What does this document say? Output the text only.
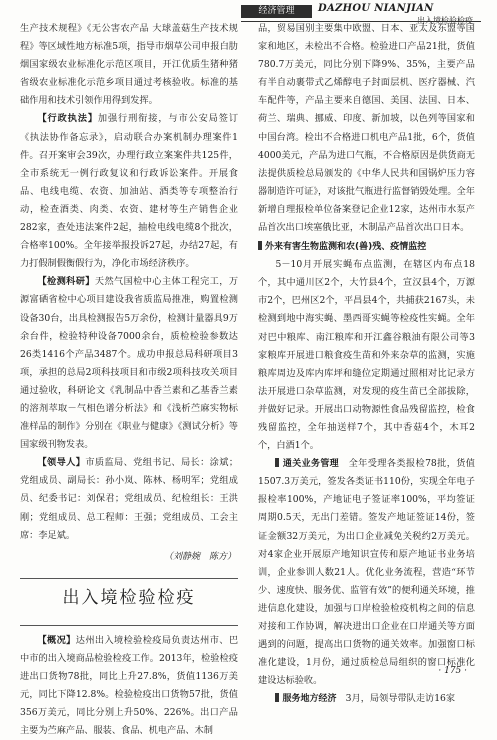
经济管理	DAZHOU NIANJIAN
出入境检验检疫

生产技术规程》《无公害农产品 大球盖菇生产技术规程》等区域性地方标准5项，指导市烟草公司申报白肋烟国家级农业标准化示范区项目，开江优质生猪种猪省级农业标准化示范乡项目通过考核验收。标准的基础作用和技术引领作用得到发挥。

【行政执法】加强行刑衔接，与市公安局签订《执法协作备忘录》，启动联合办案机制办理案件1件。召开案审会39次，办理行政立案案件共125件，全市系统无一例行政复议和行政诉讼案件。开展食品、电线电缆、农资、加油站、酒类等专项整治行动，检查酒类、肉类、农资、建材等生产销售企业282家，查处违法案件2起，抽检电线电缆8个批次，合格率100%。全年接举报投诉27起，办结27起，有力打假制假衡假行为，净化市场经济秩序。

【检测科研】天然气国检中心主体工程完工，万源富硒省检中心项目建设我省质监局推准，购置检测设备30台，出具检测报告5万余份，检测计量器具9万余台件，检验特种设备7000余台，质检检验参数达26类1416个产品3487个。成功申报总局科研项目3项，承担的总局2项科技项目和市级2项科技攻关项目通过验收，科研论文《乳制品中香兰素和乙基香兰素的溶剂萃取－气相色谱分析法》和《浅析苎麻实物标准样品的制作》分别在《职业与健康》《测试分析》等国家级刊物发表。

【领导人】市质监局、党组书记、局长：涂斌；党组成员、副局长：孙小岚、陈林、杨明军；党组成员、纪委书记：刘保君；党组成员、纪检组长：王洪刚；党组成员、总工程师：王强；党组成员、工会主席：李足斌。

（刘静婉　陈方）
出入境检验检疫

【概况】达州出入境检验检疫局负责达州市、巴中市的出入境商品检验检疫工作。2013年，检验检疫进出口货物78批，同比上升27.8%，货值1136万美元，同比下降12.8%。检验检疫出口货物57批，货值356万美元，同比分别上升50%、226%。出口产品主要为苎麻产品、服装、食品、机电产品、木制

品，贸易国别主要集中欧盟、日本、亚太及东盟等国家和地区，未检出不合格。检验进口产品21批，货值780.7万美元，同比分别下降9%、35%，主要产品有半自动裹带式乙烯醇电子封面层机、医疗器械、汽车配件等，产品主要来自德国、美国、法国、日本、荷兰、瑞典、挪威、印度、新加坡，以色列等国家和中国台湾。检出不合格进口机电产品1批，6个，货值4000美元，产品为进口气瓶，不合格原因是供货商无法提供质检总局颁发的《中华人民共和国锅炉压力容器制造许可证》，对该批气瓶进行监督销毁处理。全年新增自理报检单位备案登记企业12家，达州市水泵产品首次出口埃塞俄比亚，木制品产品首次出口日本。

外来有害生物监测和农(兽)残、疫情监控

5－10月开展实蝇布点监测，在辖区内布点18个，其中通川区2个，大竹县4个，宣汉县4个，万源市2个，巴州区2个，平昌县4个，共捕获2167头，未检测到地中海实蝇、墨西哥实蝇等检疫性实蝇。全年对巴中粮库、南江粮库和开江鑫谷粮油有限公司等3家粮库开展进口粮食疫生苗和外来杂草的监测，实施粮库周边及库内库坪和缝位定期通过照相对比记录方法开展进口杂草监测，对发现的疫生苗已全部拔除，并做好记录。开展出口动物源性食品残留监控，检食残留监控，全年抽送样7个，其中香菇4个，木耳2个，白酒1个。

通关业务管理　 全年受理各类报检78批，货值1507.3万美元，签发各类证书110份，实现全年电子报检率100%，产地证电子签证率100%，平均签证周期0.5天，无出门差错。签发产地证签证14份，签证金额32万美元，为出口企业减免关税约2万美元。对4家企业开展原产地知识宣传和原产地证书业务培训，企业参训人数21人。优化业务流程，营造“环节少、速度快、服务优、监管有效”的便利通关环境，推进信息化建设，加强与口岸检验检疫机构之间的信息对接和工作协调，解决进出口企业在口岸通关等方面遇到的问题，提高出口货物的通关效率。加强窗口标准化建设，1月份，通过质检总局组织的窗口标准化建设达标验收。

服务地方经济　 3月，局领导带队走访16家

· 175 ·
